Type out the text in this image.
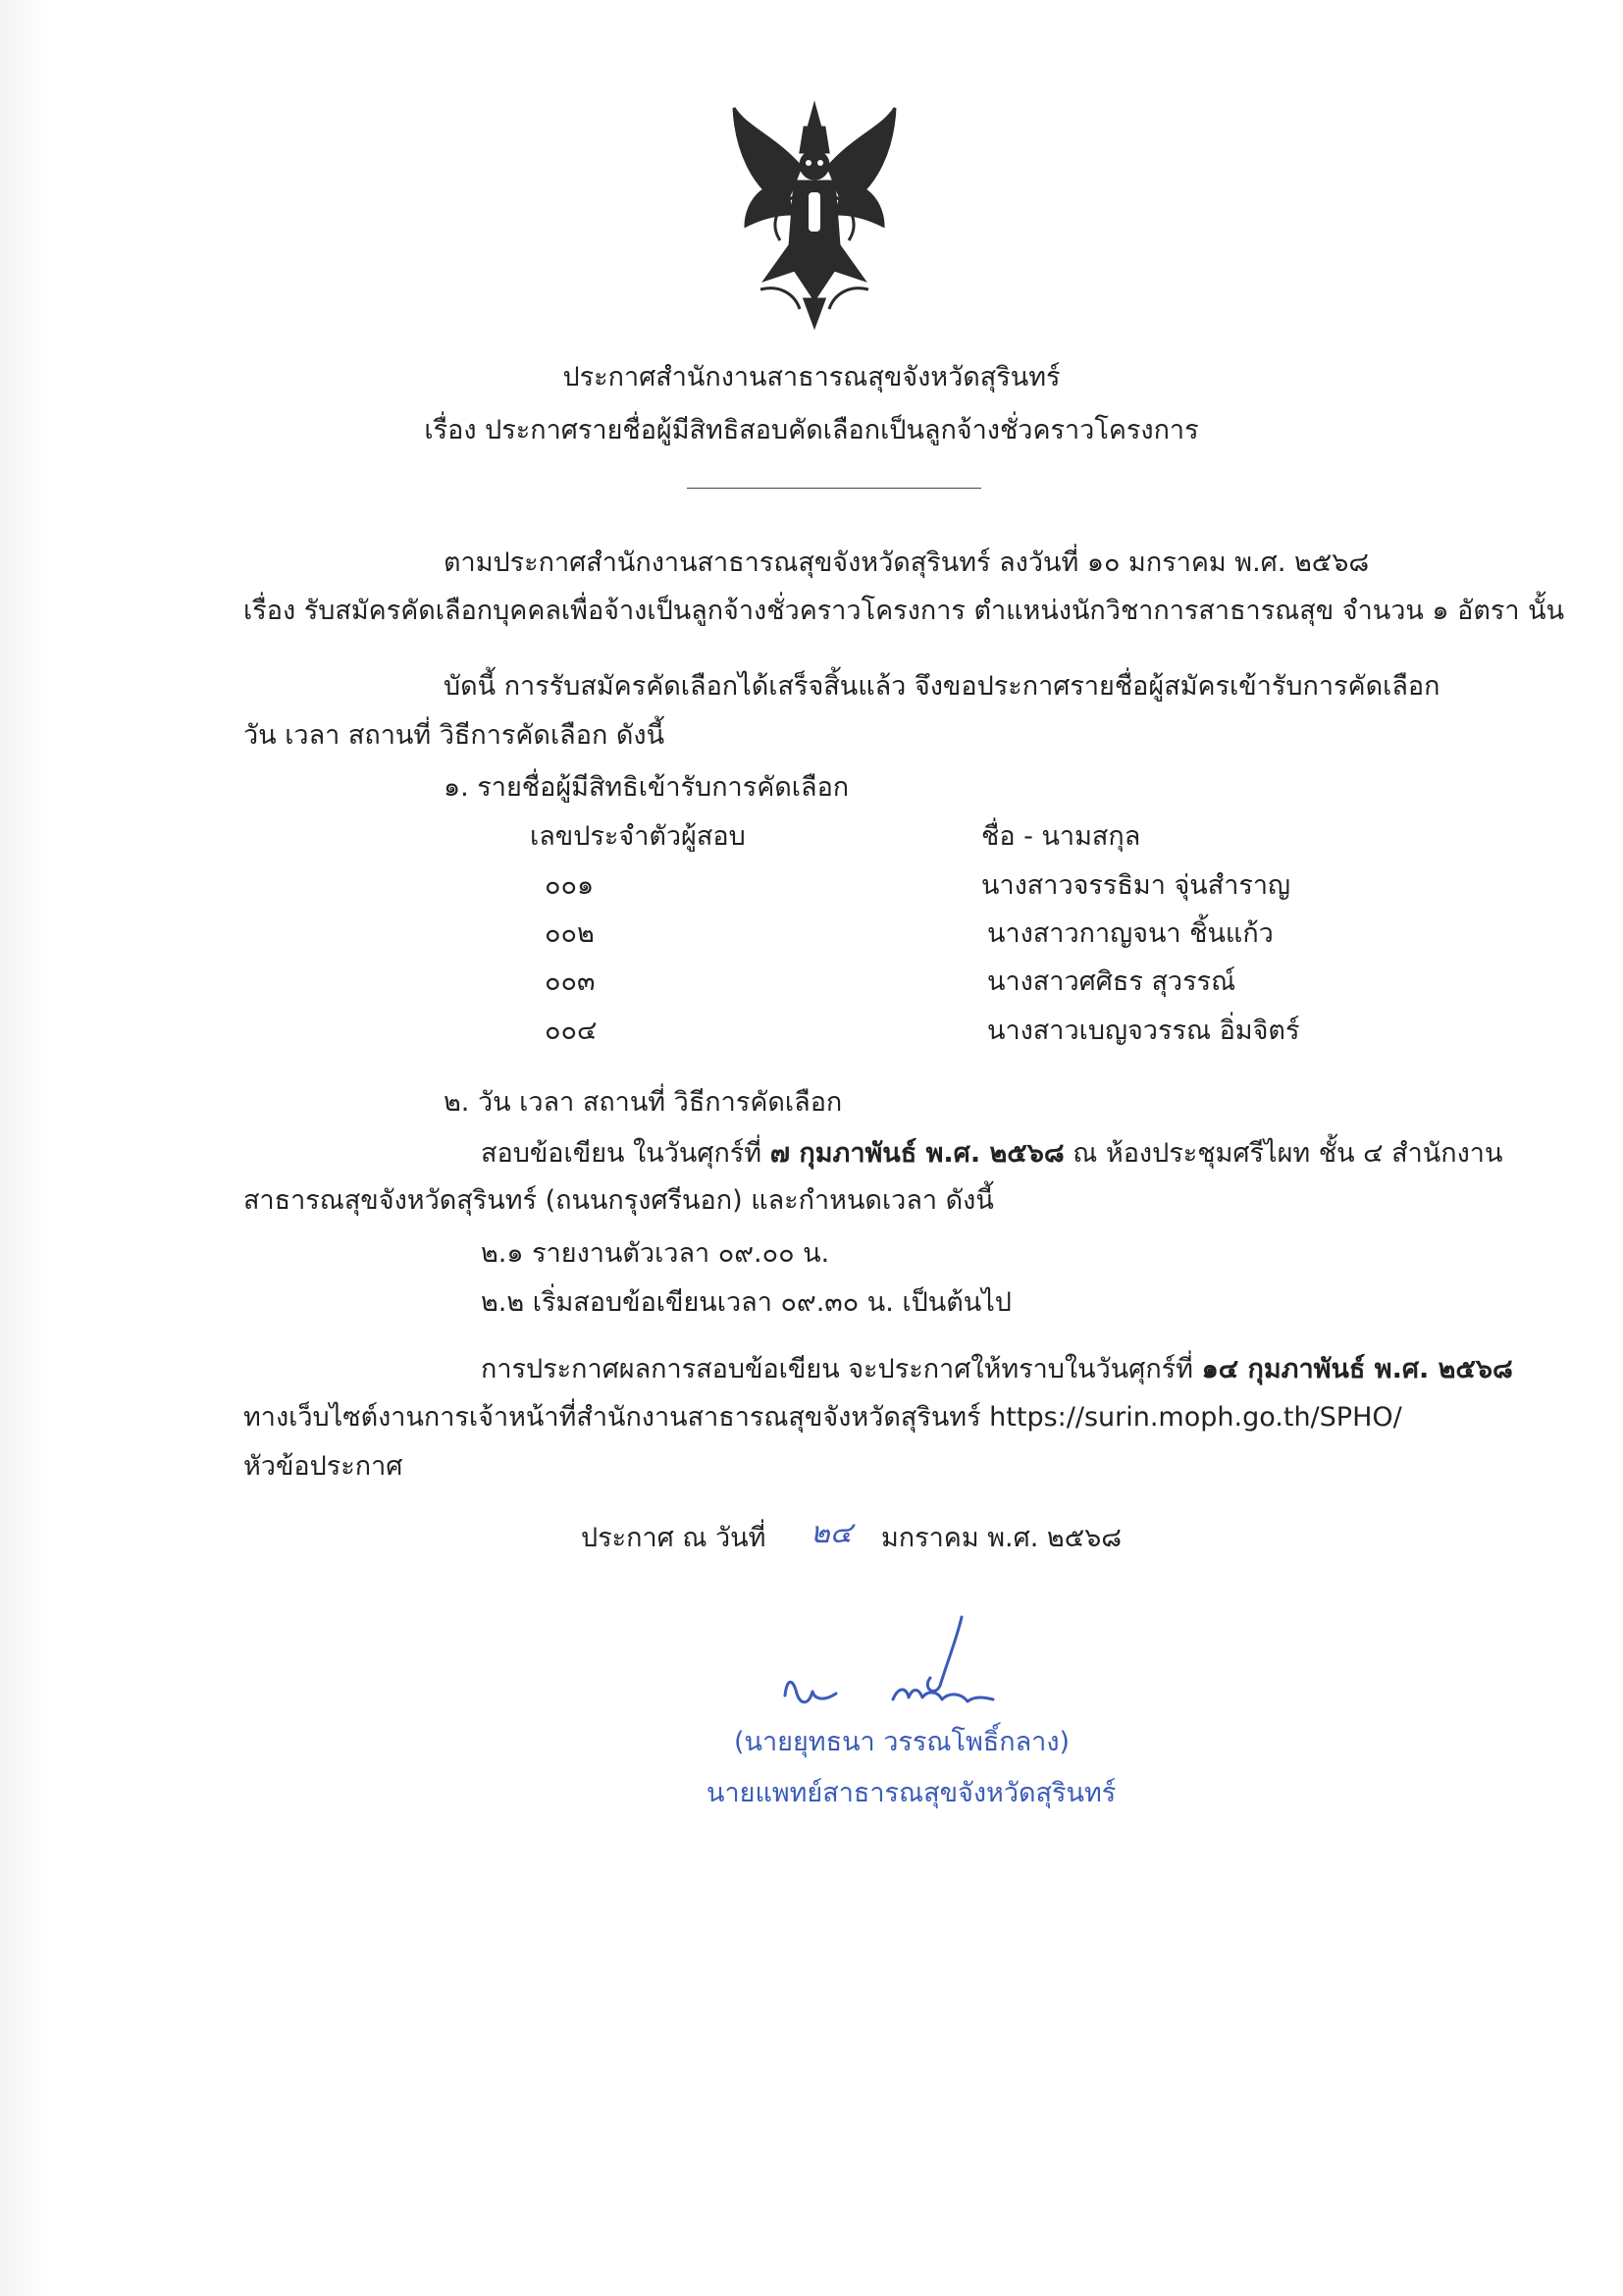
ประกาศสำนักงานสาธารณสุขจังหวัดสุรินทร์
เรื่อง ประกาศรายชื่อผู้มีสิทธิสอบคัดเลือกเป็นลูกจ้างชั่วคราวโครงการ
ตามประกาศสำนักงานสาธารณสุขจังหวัดสุรินทร์ ลงวันที่ ๑๐ มกราคม พ.ศ. ๒๕๖๘
เรื่อง รับสมัครคัดเลือกบุคคลเพื่อจ้างเป็นลูกจ้างชั่วคราวโครงการ ตำแหน่งนักวิชาการสาธารณสุข จำนวน ๑ อัตรา นั้น
บัดนี้ การรับสมัครคัดเลือกได้เสร็จสิ้นแล้ว จึงขอประกาศรายชื่อผู้สมัครเข้ารับการคัดเลือก
วัน เวลา สถานที่ วิธีการคัดเลือก ดังนี้
๑. รายชื่อผู้มีสิทธิเข้ารับการคัดเลือก
เลขประจำตัวผู้สอบ	ชื่อ - นามสกุล
๐๐๑	นางสาวจรรธิมา จุ่นสำราญ
๐๐๒	นางสาวกาญจนา ชิ้นแก้ว
๐๐๓	นางสาวศศิธร สุวรรณ์
๐๐๔	นางสาวเบญจวรรณ อิ่มจิตร์
๒. วัน เวลา สถานที่ วิธีการคัดเลือก
สอบข้อเขียน ในวันศุกร์ที่ ๗ กุมภาพันธ์ พ.ศ. ๒๕๖๘ ณ ห้องประชุมศรีไผท ชั้น ๔ สำนักงาน
สาธารณสุขจังหวัดสุรินทร์ (ถนนกรุงศรีนอก) และกำหนดเวลา ดังนี้
๒.๑ รายงานตัวเวลา ๐๙.๐๐ น.
๒.๒ เริ่มสอบข้อเขียนเวลา ๐๙.๓๐ น. เป็นต้นไป
การประกาศผลการสอบข้อเขียน จะประกาศให้ทราบในวันศุกร์ที่ ๑๔ กุมภาพันธ์ พ.ศ. ๒๕๖๘
ทางเว็บไซต์งานการเจ้าหน้าที่สำนักงานสาธารณสุขจังหวัดสุรินทร์ https://surin.moph.go.th/SPHO/
หัวข้อประกาศ
ประกาศ ณ วันที่ ๒๔ มกราคม พ.ศ. ๒๕๖๘
(นายยุทธนา วรรณโพธิ์กลาง)
นายแพทย์สาธารณสุขจังหวัดสุรินทร์
